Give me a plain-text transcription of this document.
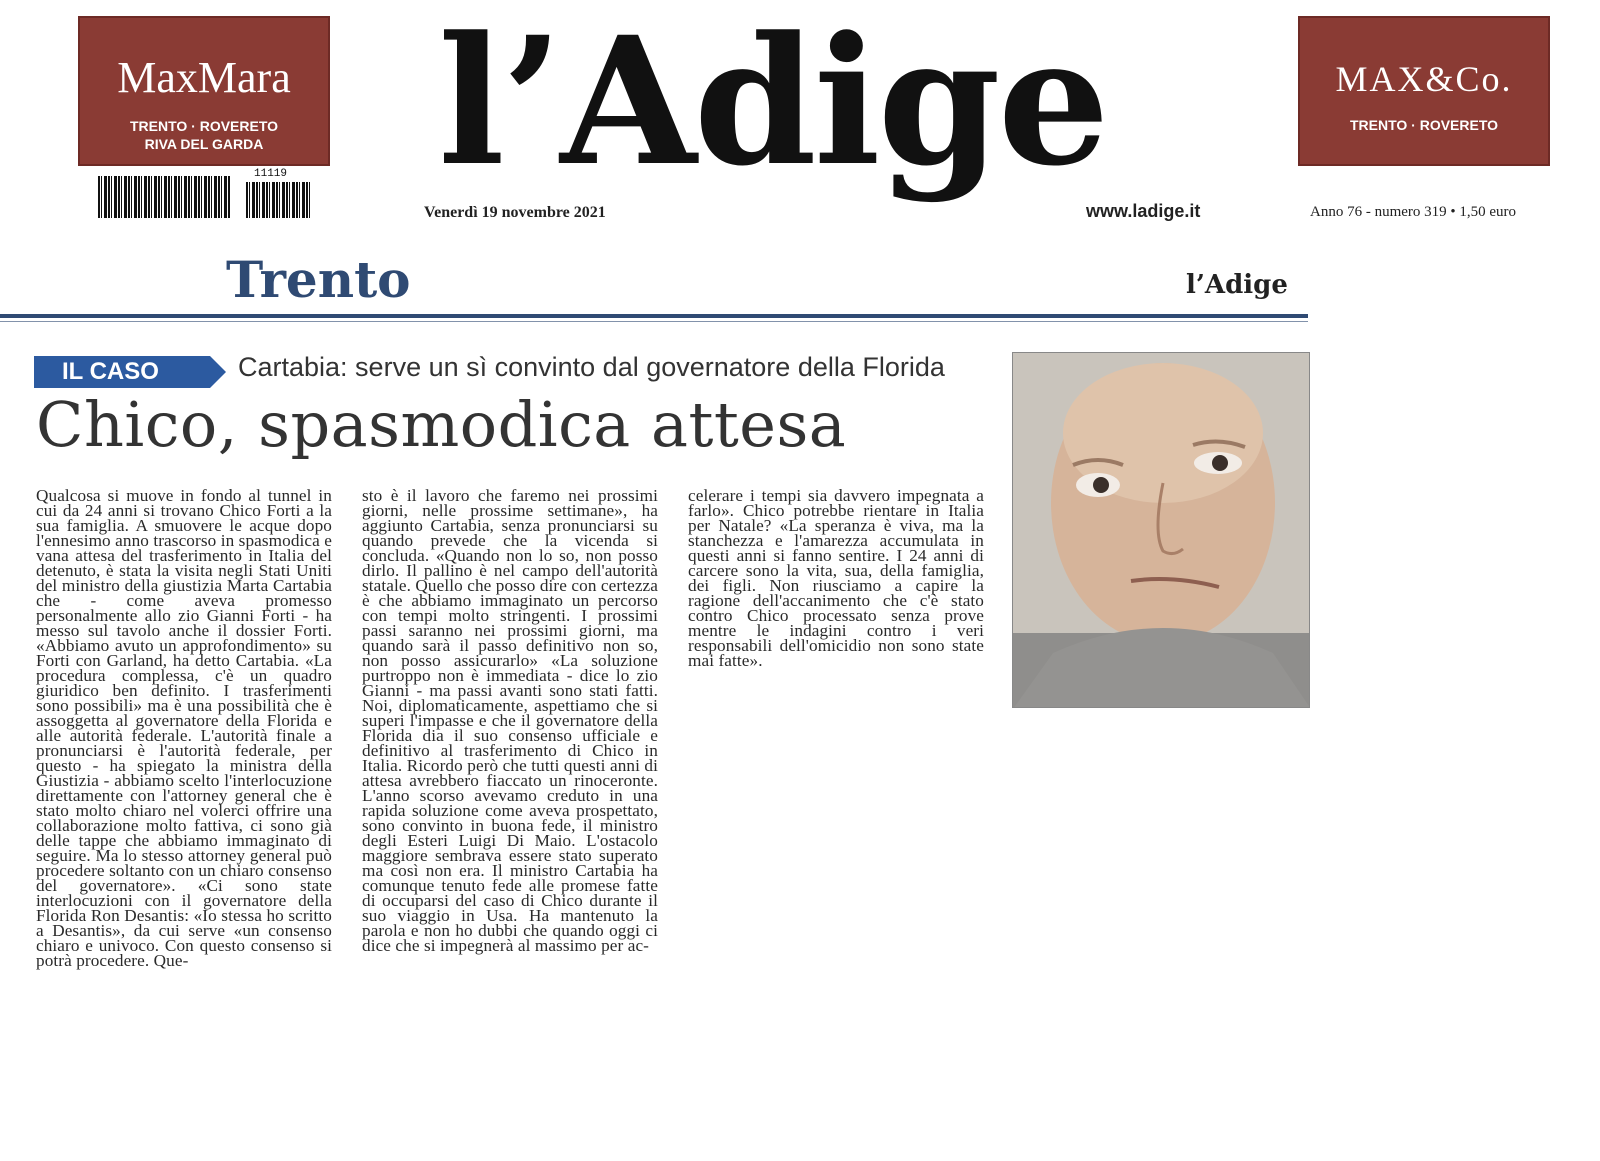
MaxMara
TRENTO · ROVERETO
RIVA DEL GARDA
11119 l’Adige
Venerdì 19 novembre 2021	www.ladige.it
MAX&Co.
TRENTO · ROVERETO
Anno 76 - numero 319 • 1,50 euro
Trento	l’Adige
IL CASO	Cartabia: serve un sì convinto dal governatore della Florida
Chico, spasmodica attesa

Qualcosa si muove in fondo al tunnel in cui da 24 anni si trovano Chico Forti a la sua famiglia. A smuovere le acque dopo l'ennesimo anno trascorso in spasmodica e vana attesa del trasferimento in Italia del detenuto, è stata la visita negli Stati Uniti del ministro della giustizia Marta Cartabia che - come aveva promesso personalmente allo zio Gianni Forti - ha messo sul tavolo anche il dossier Forti. «Abbiamo avuto un approfondimento» su Forti con Garland, ha detto Cartabia. «La procedura complessa, c'è un quadro giuridico ben definito. I trasferimenti sono possibili» ma è una possibilità che è assoggetta al governatore della Florida e alle autorità federale. L'autorità finale a pronunciarsi è l'autorità federale, per questo - ha spiegato la ministra della Giustizia - abbiamo scelto l'interlocuzione direttamente con l'attorney general che è stato molto chiaro nel volerci offrire una collaborazione molto fattiva, ci sono già delle tappe che abbiamo immaginato di seguire. Ma lo stesso attorney general può procedere soltanto con un chiaro consenso del governatore». «Ci sono state interlocuzioni con il governatore della Florida Ron Desantis: «Io stessa ho scritto a Desantis», da cui serve «un consenso chiaro e univoco. Con questo consenso si potrà procedere. Que-

sto è il lavoro che faremo nei prossimi giorni, nelle prossime settimane», ha aggiunto Cartabia, senza pronunciarsi su quando prevede che la vicenda si concluda. «Quando non lo so, non posso dirlo. Il pallino è nel campo dell'autorità statale. Quello che posso dire con certezza è che abbiamo immaginato un percorso con tempi molto stringenti. I prossimi passi saranno nei prossimi giorni, ma quando sarà il passo definitivo non so, non posso assicurarlo» «La soluzione purtroppo non è immediata - dice lo zio Gianni - ma passi avanti sono stati fatti. Noi, diplomaticamente, aspettiamo che si superi l'impasse e che il governatore della Florida dia il suo consenso ufficiale e definitivo al trasferimento di Chico in Italia. Ricordo però che tutti questi anni di attesa avrebbero fiaccato un rinoceronte. L'anno scorso avevamo creduto in una rapida soluzione come aveva prospettato, sono convinto in buona fede, il ministro degli Esteri Luigi Di Maio. L'ostacolo maggiore sembrava essere stato superato ma così non era. Il ministro Cartabia ha comunque tenuto fede alle promese fatte di occuparsi del caso di Chico durante il suo viaggio in Usa. Ha mantenuto la parola e non ho dubbi che quando oggi ci dice che si impegnerà al massimo per ac-

celerare i tempi sia davvero impegnata a farlo». Chico potrebbe rientare in Italia per Natale? «La speranza è viva, ma la stanchezza e l'amarezza accumulata in questi anni si fanno sentire. I 24 anni di carcere sono la vita, sua, della famiglia, dei figli. Non riusciamo a capire la ragione dell'accanimento che c'è stato contro Chico processato senza prove mentre le indagini contro i veri responsabili dell'omicidio non sono state mai fatte».
